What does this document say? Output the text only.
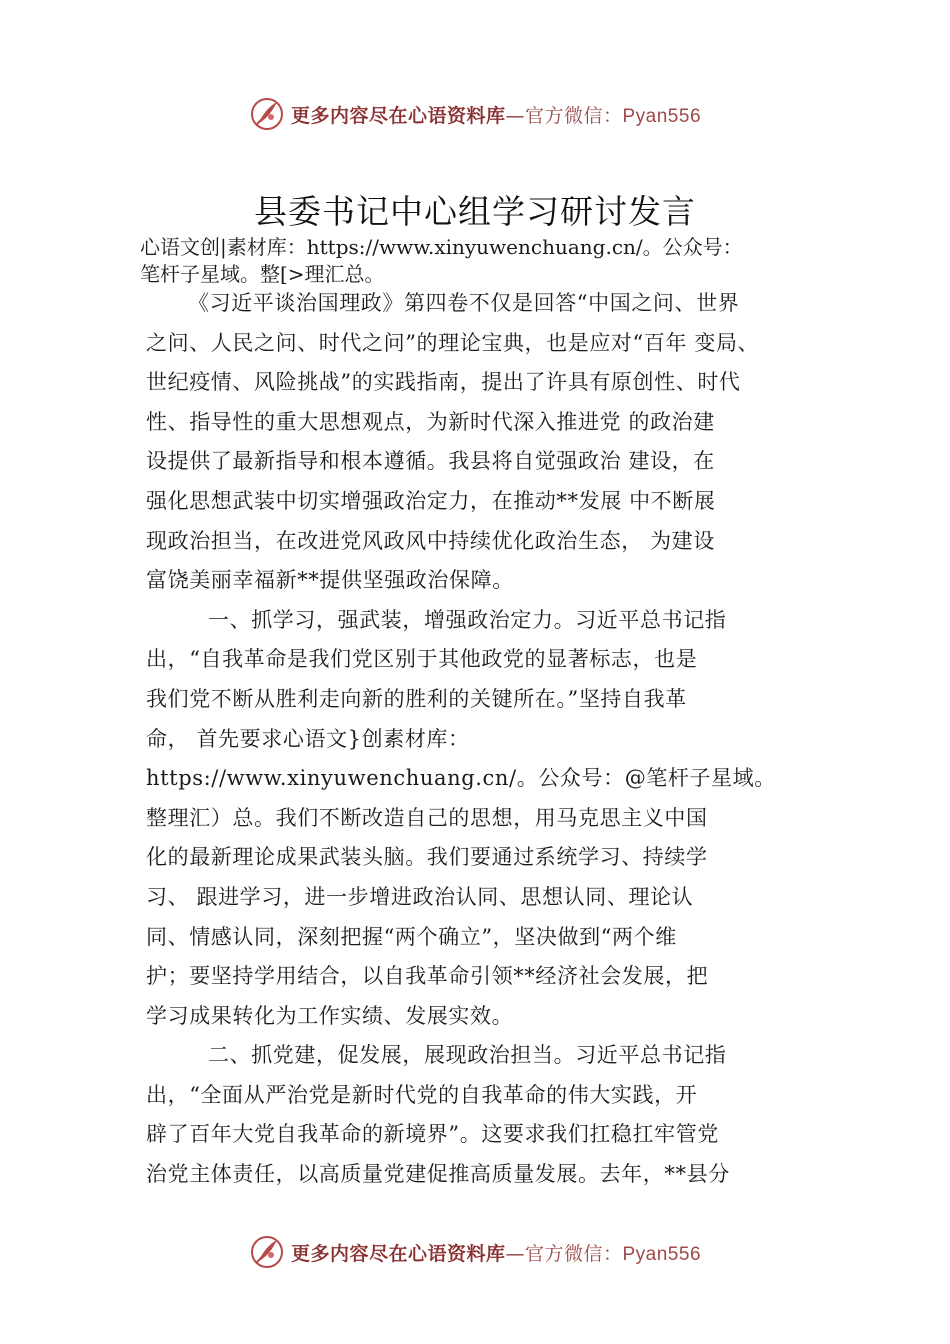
更多内容尽在心语资料库—官方微信：Pyan556
县委书记中心组学习研讨发言
心语文创|素材库：https://www.xinyuwenchuang.cn/。公众号：
笔杆子星域。整[>理汇总。
《习近平谈治国理政》第四卷不仅是回答“中国之问、世界
之问、人民之问、时代之问”的理论宝典，也是应对“百年 变局、
世纪疫情、风险挑战”的实践指南，提出了许具有原创性、时代
性、指导性的重大思想观点，为新时代深入推进党 的政治建
设提供了最新指导和根本遵循。我县将自觉强政治 建设，在
强化思想武装中切实增强政治定力，在推动**发展 中不断展
现政治担当，在改进党风政风中持续优化政治生态， 为建设
富饶美丽幸福新**提供坚强政治保障。
一、抓学习，强武装，增强政治定力。习近平总书记指
出，“自我革命是我们党区别于其他政党的显著标志，也是
我们党不断从胜利走向新的胜利的关键所在。”坚持自我革
命， 首先要求心语文}创素材库：
https://www.xinyuwenchuang.cn/。公众号：@笔杆子星域。
整理汇）总。我们不断改造自己的思想，用马克思主义中国
化的最新理论成果武装头脑。我们要通过系统学习、持续学
习、 跟进学习，进一步增进政治认同、思想认同、理论认
同、情感认同，深刻把握“两个确立”，坚决做到“两个维
护；要坚持学用结合，以自我革命引领**经济社会发展，把
学习成果转化为工作实绩、发展实效。
二、抓党建，促发展，展现政治担当。习近平总书记指
出，“全面从严治党是新时代党的自我革命的伟大实践，开
辟了百年大党自我革命的新境界”。这要求我们扛稳扛牢管党
治党主体责任，以高质量党建促推高质量发展。去年，**县分
更多内容尽在心语资料库—官方微信：Pyan556
